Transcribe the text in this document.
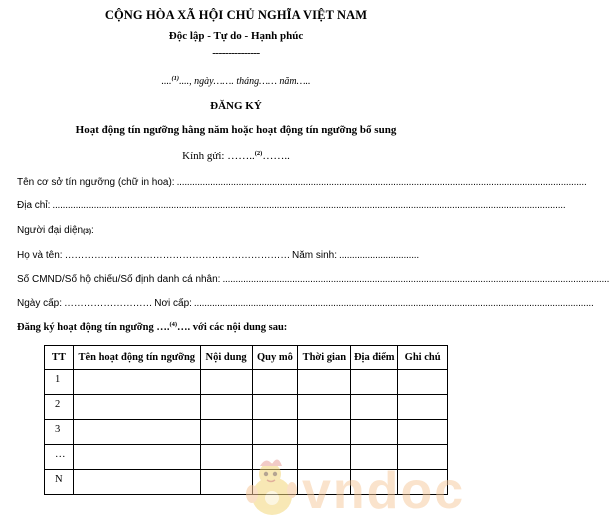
CỘNG HÒA XÃ HỘI CHỦ NGHĨA VIỆT NAM
Độc lập - Tự do - Hạnh phúc
---------------
....$^{(1)}$...., ngày……. tháng…… năm…..
ĐĂNG KÝ
Hoạt động tín ngưỡng hằng năm hoặc hoạt động tín ngưỡng bổ sung
Kính gửi: ……..$^{(2)}$……..
Tên cơ sở tín ngưỡng (chữ in hoa): ...............................................................................................................................................................
Địa chỉ: .......................................................................................................................................................................................................
Người đại diện (3) :
Họ và tên: …………………………………………………………… Năm sinh: ...............................
Số CMND/Số hộ chiếu/Số định danh cá nhân: ......................................................................................................................................................
Ngày cấp: ……………………… Nơi cấp: ...........................................................................................................................................................
Đăng ký hoạt động tín ngưỡng ….$^{(4)}$…. với các nội dung sau:
TT	Tên hoạt động tín ngưỡng	Nội dung	Quy mô	Thời gian	Địa điểm	Ghi chú
1						
2						
3						
…						
N							vndoc
